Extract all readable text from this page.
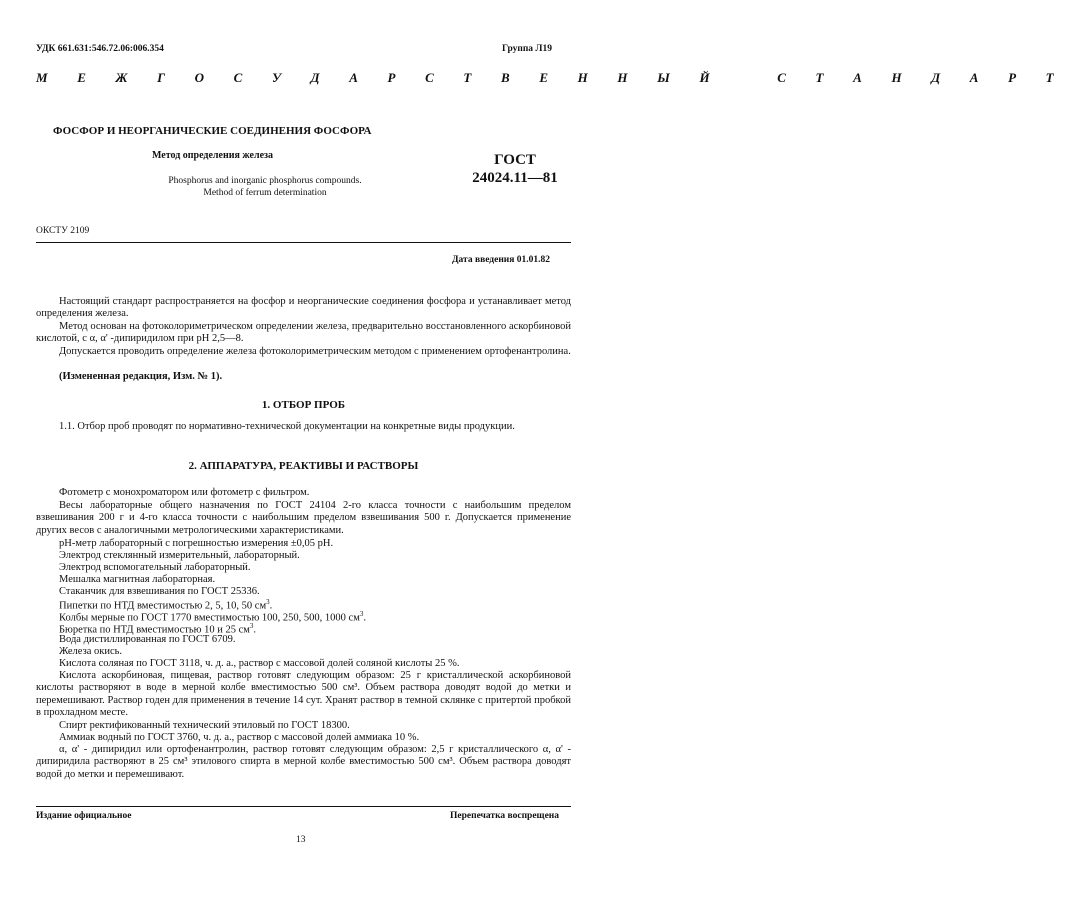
УДК 661.631:546.72.06:006.354	Группа Л19
М Е Ж Г О С У Д А Р С Т В Е Н Н Ы Й	С Т А Н Д А Р Т
ФОСФОР И НЕОРГАНИЧЕСКИЕ СОЕДИНЕНИЯ ФОСФОРА
Метод определения железа
Phosphorus and inorganic phosphorus compounds.
Method of ferrum determination
ГОСТ
24024.11—81
ОКСТУ 2109
Дата введения 01.01.82
Настоящий стандарт распространяется на фосфор и неорганические соединения фосфора и устанавливает метод определения железа.
Метод основан на фотоколориметрическом определении железа, предварительно восстановленного аскорбиновой кислотой, с α, α' -дипиридилом при pH 2,5—8.
Допускается проводить определение железа фотоколориметрическим методом с применением ортофенантролина.
(Измененная редакция, Изм. № 1).
1. ОТБОР ПРОБ
1.1. Отбор проб проводят по нормативно-технической документации на конкретные виды продукции.
2. АППАРАТУРА, РЕАКТИВЫ И РАСТВОРЫ
Фотометр с монохроматором или фотометр с фильтром.
Весы лабораторные общего назначения по ГОСТ 24104 2-го класса точности с наибольшим пределом взвешивания 200 г и 4-го класса точности с наибольшим пределом взвешивания 500 г. Допускается применение других весов с аналогичными метрологическими характеристиками.
pH-метр лабораторный с погрешностью измерения ±0,05 pH.
Электрод стеклянный измерительный, лабораторный.
Электрод вспомогательный лабораторный.
Мешалка магнитная лабораторная.
Стаканчик для взвешивания по ГОСТ 25336.
Пипетки по НТД вместимостью 2, 5, 10, 50 $см^3$.
Колбы мерные по ГОСТ 1770 вместимостью 100, 250, 500, 1000 $см^3$.
Бюретка по НТД вместимостью 10 и 25 $см^3$.
Вода дистиллированная по ГОСТ 6709.
Железа окись.
Кислота соляная по ГОСТ 3118, ч. д. а., раствор с массовой долей соляной кислоты 25 %.
Кислота аскорбиновая, пищевая, раствор готовят следующим образом: 25 г кристаллической аскорбиновой кислоты растворяют в воде в мерной колбе вместимостью 500 см³. Объем раствора доводят водой до метки и перемешивают. Раствор годен для применения в течение 14 сут. Хранят раствор в темной склянке с притертой пробкой в прохладном месте.
Спирт ректификованный технический этиловый по ГОСТ 18300.
Аммиак водный по ГОСТ 3760, ч. д. а., раствор с массовой долей аммиака 10 %.
α, α' - дипиридил или ортофенантролин, раствор готовят следующим образом: 2,5 г кристаллического α, α' - дипиридила растворяют в 25 см³ этилового спирта в мерной колбе вместимостью 500 см³. Объем раствора доводят водой до метки и перемешивают.
Издание официальное	Перепечатка воспрещена
13
